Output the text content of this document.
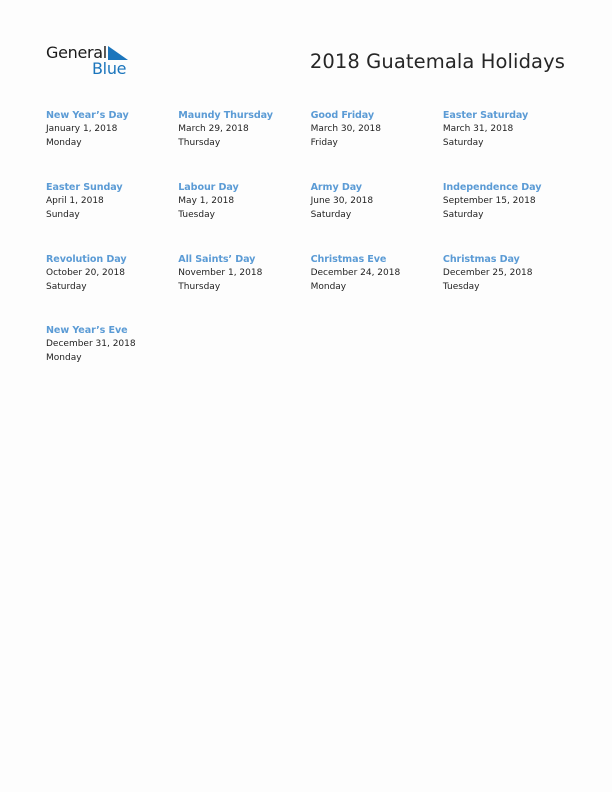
General
Blue	2018 Guatemala Holidays
New Year’s Day
January 1, 2018
Monday
Maundy Thursday
March 29, 2018
Thursday
Good Friday
March 30, 2018
Friday
Easter Saturday
March 31, 2018
Saturday
Easter Sunday
April 1, 2018
Sunday
Labour Day
May 1, 2018
Tuesday
Army Day
June 30, 2018
Saturday
Independence Day
September 15, 2018
Saturday
Revolution Day
October 20, 2018
Saturday
All Saints’ Day
November 1, 2018
Thursday
Christmas Eve
December 24, 2018
Monday
Christmas Day
December 25, 2018
Tuesday
New Year’s Eve
December 31, 2018
Monday
